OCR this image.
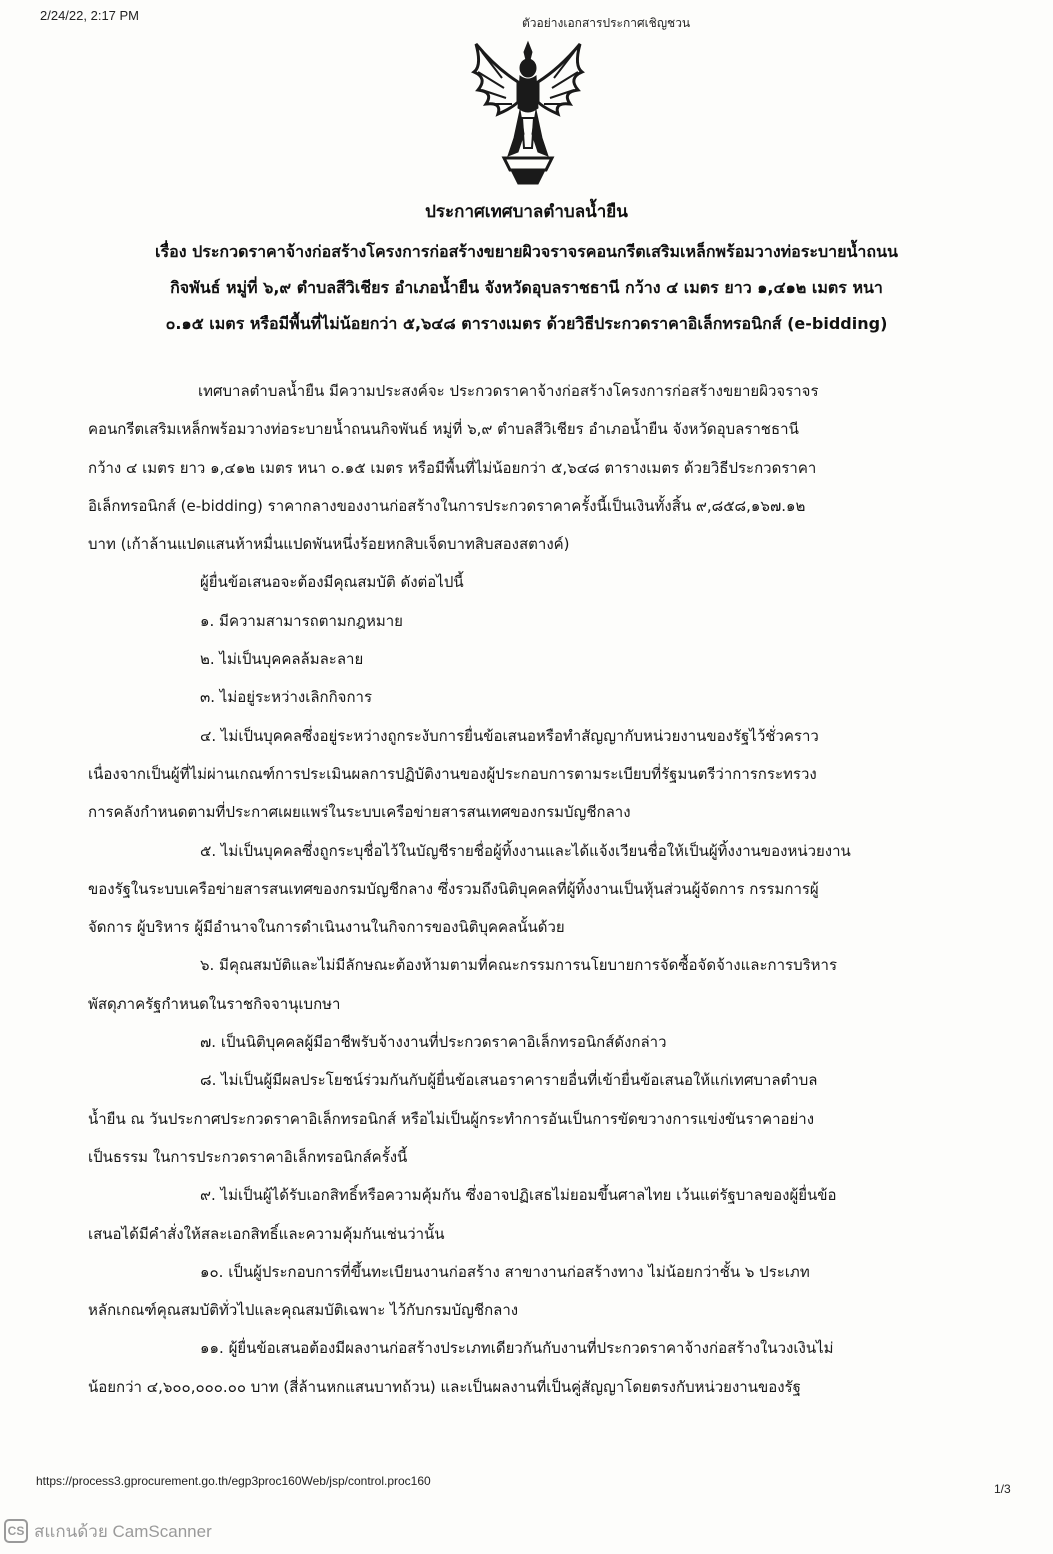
2/24/22, 2:17 PM	ตัวอย่างเอกสารประกาศเชิญชวน
ประกาศเทศบาลตำบลน้ำยืน
เรื่อง ประกวดราคาจ้างก่อสร้างโครงการก่อสร้างขยายผิวจราจรคอนกรีตเสริมเหล็กพร้อมวางท่อระบายน้ำถนน
กิจพันธ์ หมู่ที่ ๖,๙ ตำบลสีวิเชียร อำเภอน้ำยืน จังหวัดอุบลราชธานี กว้าง ๔ เมตร ยาว ๑,๔๑๒ เมตร หนา
๐.๑๕ เมตร หรือมีพื้นที่ไม่น้อยกว่า ๕,๖๔๘ ตารางเมตร ด้วยวิธีประกวดราคาอิเล็กทรอนิกส์ (e-bidding)
เทศบาลตำบลน้ำยืน มีความประสงค์จะ ประกวดราคาจ้างก่อสร้างโครงการก่อสร้างขยายผิวจราจร
คอนกรีตเสริมเหล็กพร้อมวางท่อระบายน้ำถนนกิจพันธ์ หมู่ที่ ๖,๙ ตำบลสีวิเชียร อำเภอน้ำยืน จังหวัดอุบลราชธานี
กว้าง ๔ เมตร ยาว ๑,๔๑๒ เมตร หนา ๐.๑๕ เมตร หรือมีพื้นที่ไม่น้อยกว่า ๕,๖๔๘ ตารางเมตร ด้วยวิธีประกวดราคา
อิเล็กทรอนิกส์ (e-bidding) ราคากลางของงานก่อสร้างในการประกวดราคาครั้งนี้เป็นเงินทั้งสิ้น ๙,๘๕๘,๑๖๗.๑๒
บาท (เก้าล้านแปดแสนห้าหมื่นแปดพันหนึ่งร้อยหกสิบเจ็ดบาทสิบสองสตางค์)
ผู้ยื่นข้อเสนอจะต้องมีคุณสมบัติ ดังต่อไปนี้
๑. มีความสามารถตามกฎหมาย
๒. ไม่เป็นบุคคลล้มละลาย
๓. ไม่อยู่ระหว่างเลิกกิจการ
๔. ไม่เป็นบุคคลซึ่งอยู่ระหว่างถูกระงับการยื่นข้อเสนอหรือทำสัญญากับหน่วยงานของรัฐไว้ชั่วคราว
เนื่องจากเป็นผู้ที่ไม่ผ่านเกณฑ์การประเมินผลการปฏิบัติงานของผู้ประกอบการตามระเบียบที่รัฐมนตรีว่าการกระทรวง
การคลังกำหนดตามที่ประกาศเผยแพร่ในระบบเครือข่ายสารสนเทศของกรมบัญชีกลาง
๕. ไม่เป็นบุคคลซึ่งถูกระบุชื่อไว้ในบัญชีรายชื่อผู้ทิ้งงานและได้แจ้งเวียนชื่อให้เป็นผู้ทิ้งงานของหน่วยงาน
ของรัฐในระบบเครือข่ายสารสนเทศของกรมบัญชีกลาง ซึ่งรวมถึงนิติบุคคลที่ผู้ทิ้งงานเป็นหุ้นส่วนผู้จัดการ กรรมการผู้
จัดการ ผู้บริหาร ผู้มีอำนาจในการดำเนินงานในกิจการของนิติบุคคลนั้นด้วย
๖. มีคุณสมบัติและไม่มีลักษณะต้องห้ามตามที่คณะกรรมการนโยบายการจัดซื้อจัดจ้างและการบริหาร
พัสดุภาครัฐกำหนดในราชกิจจานุเบกษา
๗. เป็นนิติบุคคลผู้มีอาชีพรับจ้างงานที่ประกวดราคาอิเล็กทรอนิกส์ดังกล่าว
๘. ไม่เป็นผู้มีผลประโยชน์ร่วมกันกับผู้ยื่นข้อเสนอราคารายอื่นที่เข้ายื่นข้อเสนอให้แก่เทศบาลตำบล
น้ำยืน ณ วันประกาศประกวดราคาอิเล็กทรอนิกส์ หรือไม่เป็นผู้กระทำการอันเป็นการขัดขวางการแข่งขันราคาอย่าง
เป็นธรรม ในการประกวดราคาอิเล็กทรอนิกส์ครั้งนี้
๙. ไม่เป็นผู้ได้รับเอกสิทธิ์หรือความคุ้มกัน ซึ่งอาจปฏิเสธไม่ยอมขึ้นศาลไทย เว้นแต่รัฐบาลของผู้ยื่นข้อ
เสนอได้มีคำสั่งให้สละเอกสิทธิ์และความคุ้มกันเช่นว่านั้น
๑๐. เป็นผู้ประกอบการที่ขึ้นทะเบียนงานก่อสร้าง สาขางานก่อสร้างทาง ไม่น้อยกว่าชั้น ๖ ประเภท
หลักเกณฑ์คุณสมบัติทั่วไปและคุณสมบัติเฉพาะ ไว้กับกรมบัญชีกลาง
๑๑. ผู้ยื่นข้อเสนอต้องมีผลงานก่อสร้างประเภทเดียวกันกับงานที่ประกวดราคาจ้างก่อสร้างในวงเงินไม่
น้อยกว่า ๔,๖๐๐,๐๐๐.๐๐ บาท (สี่ล้านหกแสนบาทถ้วน) และเป็นผลงานที่เป็นคู่สัญญาโดยตรงกับหน่วยงานของรัฐ
https://process3.gprocurement.go.th/egp3proc160Web/jsp/control.proc160
1/3
CS สแกนด้วย CamScanner
